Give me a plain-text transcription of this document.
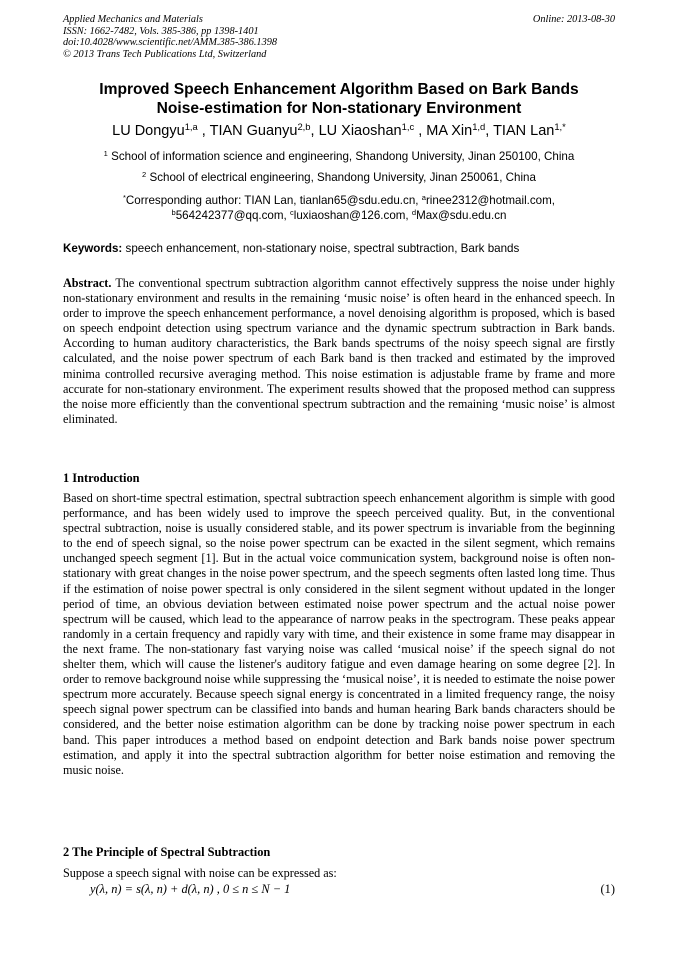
Applied Mechanics and Materials
ISSN: 1662-7482, Vols. 385-386, pp 1398-1401
doi:10.4028/www.scientific.net/AMM.385-386.1398
© 2013 Trans Tech Publications Ltd, Switzerland
Online: 2013-08-30
Improved Speech Enhancement Algorithm Based on Bark Bands
Noise-estimation for Non-stationary Environment
LU Dongyu$^{1,a}$ , TIAN Guanyu$^{2,b}$, LU Xiaoshan$^{1,c}$ , MA Xin$^{1,d}$, TIAN Lan$^{1,*}$
$^1$ School of information science and engineering, Shandong University, Jinan 250100, China
$^2$ School of electrical engineering, Shandong University, Jinan 250061, China
*Corresponding author: TIAN Lan, tianlan65@sdu.edu.cn, $^a$rinee2312@hotmail.com,
$^b$564242377@qq.com, $^c$luxiaoshan@126.com, $^d$Max@sdu.edu.cn
Keywords: speech enhancement, non-stationary noise, spectral subtraction, Bark bands
Abstract. The conventional spectrum subtraction algorithm cannot effectively suppress the noise under highly non-stationary environment and results in the remaining ‘music noise’ is often heard in the enhanced speech. In order to improve the speech enhancement performance, a novel denoising algorithm is proposed, which is based on speech endpoint detection using spectrum variance and the dynamic spectrum subtraction in Bark bands. According to human auditory characteristics, the Bark bands spectrums of the noisy speech signal are firstly calculated, and the noise power spectrum of each Bark band is then tracked and estimated by the improved minima controlled recursive averaging method. This noise estimation is adjustable frame by frame and more accurate for non-stationary environment. The experiment results showed that the proposed method can suppress the noise more efficiently than the conventional spectrum subtraction and the remaining ‘music noise’ is almost eliminated.
1 Introduction
Based on short-time spectral estimation, spectral subtraction speech enhancement algorithm is simple with good performance, and has been widely used to improve the speech perceived quality. But, in the conventional spectral subtraction, noise is usually considered stable, and its power spectrum is invariable from the beginning to the end of speech signal, so the noise power spectrum can be exacted in the silent segment, which remains unchanged speech segment [1]. But in the actual voice communication system, background noise is often non-stationary with great changes in the noise power spectrum, and the speech segments often lasted long time. Thus if the estimation of noise power spectral is only considered in the silent segment without updated in the longer period of time, an obvious deviation between estimated noise power spectrum and the actual noise power spectrum will be caused, which lead to the appearance of narrow peaks in the spectrogram. These peaks appear randomly in a certain frequency and rapidly vary with time, and their existence in some frame may disappear in the next frame. The non-stationary fast varying noise was called ‘musical noise’ if the speech signal do not shelter them, which will cause the listener's auditory fatigue and even damage hearing on some degree [2]. In order to remove background noise while suppressing the ‘musical noise’, it is needed to estimate the noise power spectrum more accurately. Because speech signal energy is concentrated in a limited frequency range, the noisy speech signal power spectrum can be classified into bands and human hearing Bark bands characters should be considered, and the better noise estimation algorithm can be done by tracking noise power spectrum in each band. This paper introduces a method based on endpoint detection and Bark bands noise power spectrum estimation, and apply it into the spectral subtraction algorithm for better noise estimation and removing the music noise.
2 The Principle of Spectral Subtraction
Suppose a speech signal with noise can be expressed as:
y(λ, n) = s(λ, n) + d(λ, n) , 0 ≤ n ≤ N − 1	(1)
